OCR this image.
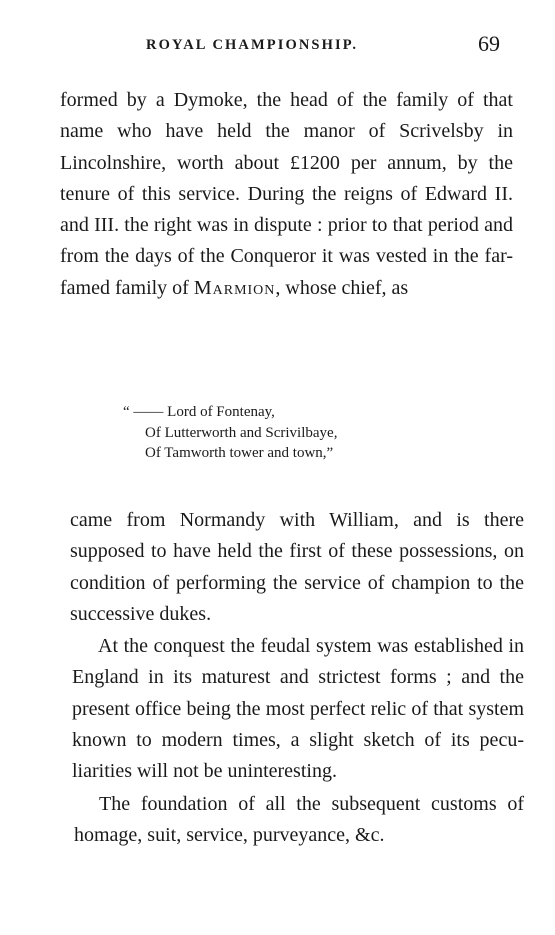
ROYAL CHAMPIONSHIP.	69

formed by a Dymoke, the head of the family of that name who have held the manor of Scrivelsby in Lincolnshire, worth about £1200 per annum, by the tenure of this service. During the reigns of Edward II. and III. the right was in dispute : prior to that period and from the days of the Conqueror it was vested in the far-famed family of Marmion, whose chief, as

“ —— Lord of Fontenay,
Of Lutterworth and Scrivilbaye,
Of Tamworth tower and town,”

came from Normandy with William, and is there supposed to have held the first of these possessions, on condition of performing the service of champion to the successive dukes.

At the conquest the feudal system was established in England in its maturest and strictest forms ; and the present office being the most perfect relic of that system known to modern times, a slight sketch of its peculiarities will not be uninteresting.

The foundation of all the subsequent customs of homage, suit, service, purveyance, &c.
